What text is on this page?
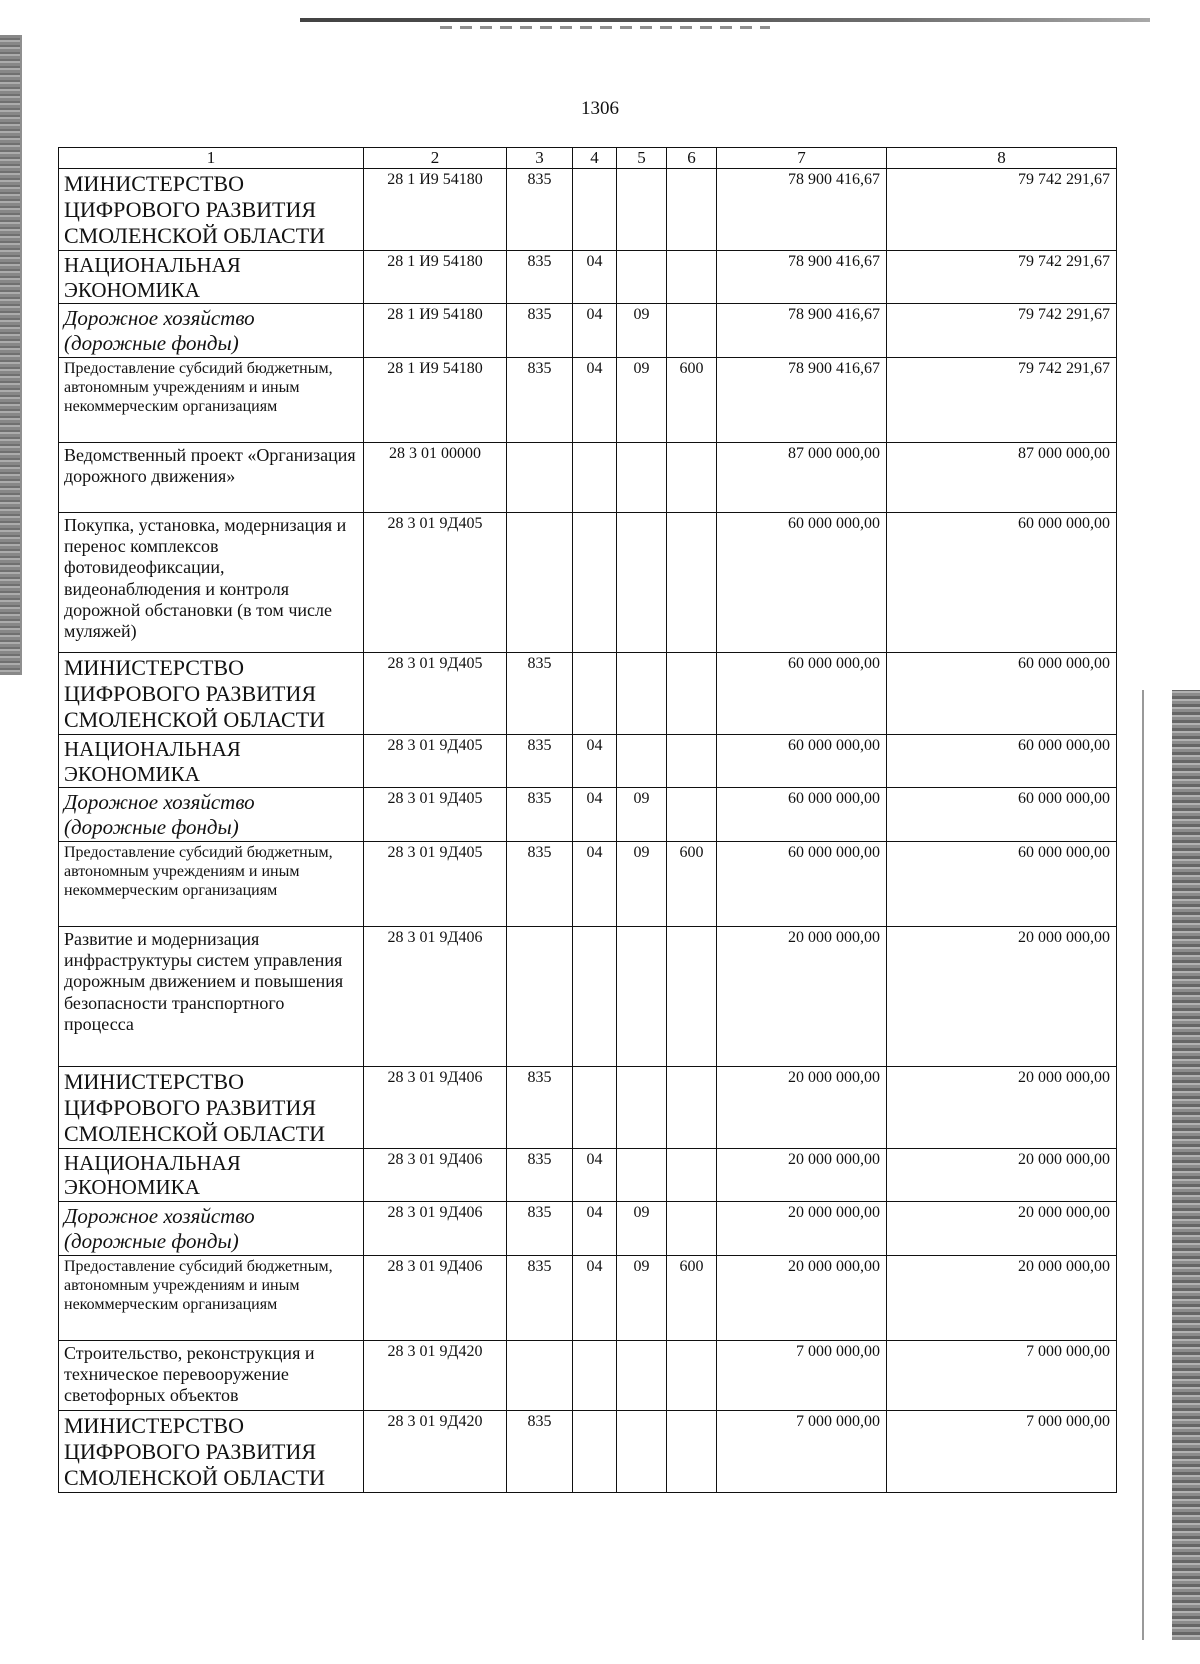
1306
1	2	3	4	5	6	7	8
МИНИСТЕРСТВО ЦИФРОВОГО РАЗВИТИЯ СМОЛЕНСКОЙ ОБЛАСТИ	28 1 И9 54180	835				78 900 416,67	79 742 291,67
НАЦИОНАЛЬНАЯ ЭКОНОМИКА	28 1 И9 54180	835	04			78 900 416,67	79 742 291,67
Дорожное хозяйство (дорожные фонды)	28 1 И9 54180	835	04	09		78 900 416,67	79 742 291,67
Предоставление субсидий бюджетным, автономным учреждениям и иным некоммерческим организациям	28 1 И9 54180	835	04	09	600	78 900 416,67	79 742 291,67
Ведомственный проект «Организация дорожного движения»	28 3 01 00000					87 000 000,00	87 000 000,00
Покупка, установка, модернизация и перенос комплексов фотовидеофиксации, видеонаблюдения и контроля дорожной обстановки (в том числе муляжей)	28 3 01 9Д405					60 000 000,00	60 000 000,00
МИНИСТЕРСТВО ЦИФРОВОГО РАЗВИТИЯ СМОЛЕНСКОЙ ОБЛАСТИ	28 3 01 9Д405	835				60 000 000,00	60 000 000,00
НАЦИОНАЛЬНАЯ ЭКОНОМИКА	28 3 01 9Д405	835	04			60 000 000,00	60 000 000,00
Дорожное хозяйство (дорожные фонды)	28 3 01 9Д405	835	04	09		60 000 000,00	60 000 000,00
Предоставление субсидий бюджетным, автономным учреждениям и иным некоммерческим организациям	28 3 01 9Д405	835	04	09	600	60 000 000,00	60 000 000,00
Развитие и модернизация инфраструктуры систем управления дорожным движением и повышения безопасности транспортного процесса	28 3 01 9Д406					20 000 000,00	20 000 000,00
МИНИСТЕРСТВО ЦИФРОВОГО РАЗВИТИЯ СМОЛЕНСКОЙ ОБЛАСТИ	28 3 01 9Д406	835				20 000 000,00	20 000 000,00
НАЦИОНАЛЬНАЯ ЭКОНОМИКА	28 3 01 9Д406	835	04			20 000 000,00	20 000 000,00
Дорожное хозяйство (дорожные фонды)	28 3 01 9Д406	835	04	09		20 000 000,00	20 000 000,00
Предоставление субсидий бюджетным, автономным учреждениям и иным некоммерческим организациям	28 3 01 9Д406	835	04	09	600	20 000 000,00	20 000 000,00
Строительство, реконструкция и техническое перевооружение светофорных объектов	28 3 01 9Д420					7 000 000,00	7 000 000,00
МИНИСТЕРСТВО ЦИФРОВОГО РАЗВИТИЯ СМОЛЕНСКОЙ ОБЛАСТИ	28 3 01 9Д420	835				7 000 000,00	7 000 000,00
